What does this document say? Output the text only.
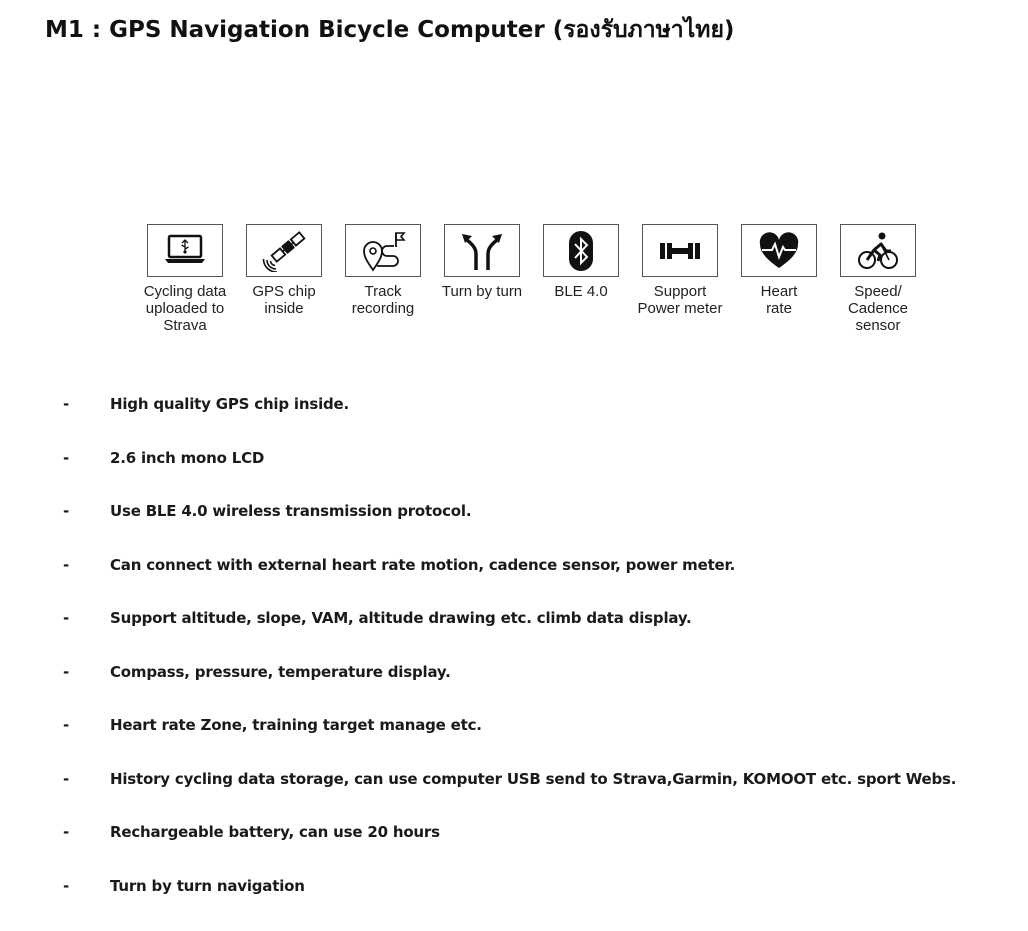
M1 : GPS Navigation Bicycle Computer (รองรับภาษาไทย)
Cycling data
uploaded to
Strava
GPS chip
inside
Track
recording
Turn by turn	BLE 4.0	Support
Power meter
Heart
rate
Speed/
Cadence
sensor
-	High quality GPS chip inside.
-	2.6 inch mono LCD
-	Use BLE 4.0 wireless transmission protocol.
-	Can connect with external heart rate motion, cadence sensor, power meter.
-	Support altitude, slope, VAM, altitude drawing etc. climb data display.
-	Compass, pressure, temperature display.
-	Heart rate Zone, training target manage etc.
-	History cycling data storage, can use computer USB send to Strava,Garmin, KOMOOT etc. sport Webs.
-	Rechargeable battery, can use 20 hours
-	Turn by turn navigation
